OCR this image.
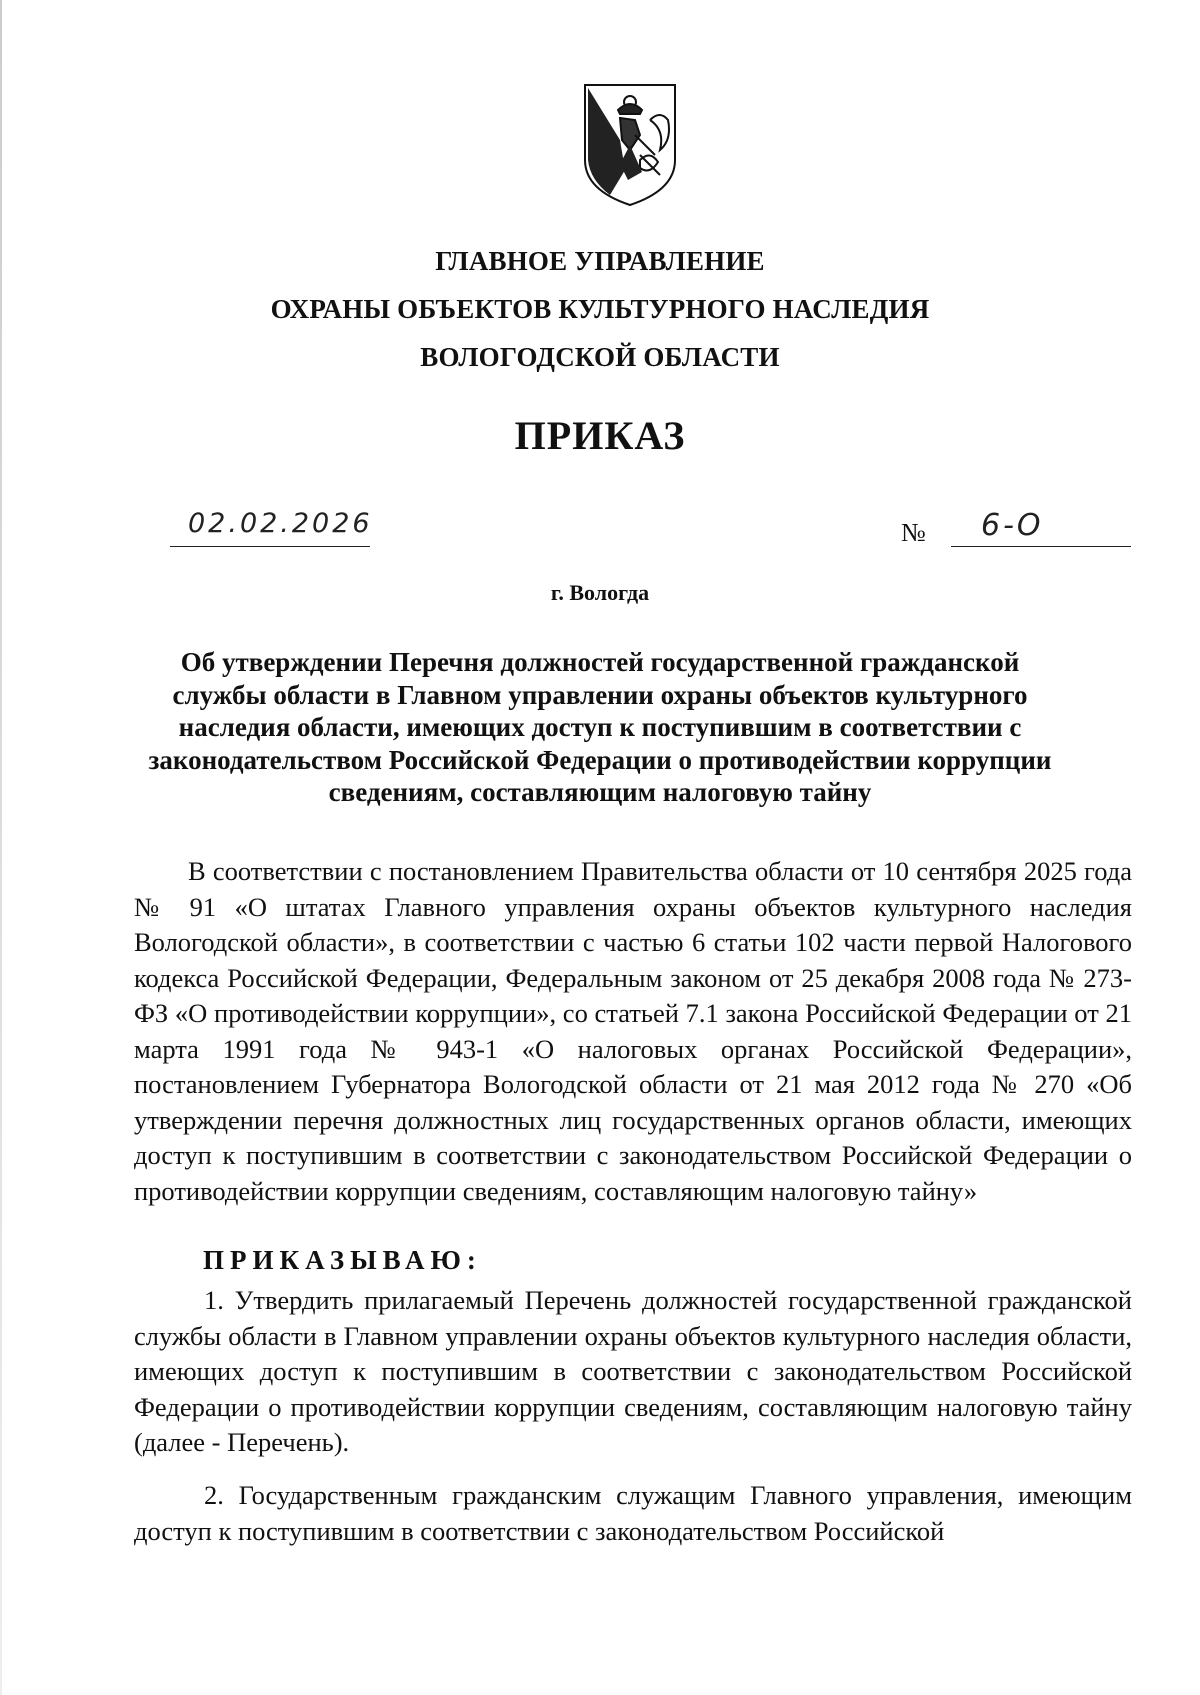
ГЛАВНОЕ УПРАВЛЕНИЕ
ОХРАНЫ ОБЪЕКТОВ КУЛЬТУРНОГО НАСЛЕДИЯ
ВОЛОГОДСКОЙ ОБЛАСТИ
ПРИКАЗ
02.02.2026	№ 6-О
г. Вологда
Об утверждении Перечня должностей государственной гражданской службы области в Главном управлении охраны объектов культурного наследия области, имеющих доступ к поступившим в соответствии с законодательством Российской Федерации о противодействии коррупции сведениям, составляющим налоговую тайну
В соответствии с постановлением Правительства области от 10 сентября 2025 года № 91 «О штатах Главного управления охраны объектов культурного наследия Вологодской области», в соответствии с частью 6 статьи 102 части первой Налогового кодекса Российской Федерации, Федеральным законом от 25 декабря 2008 года № 273-ФЗ «О противодействии коррупции», со статьей 7.1 закона Российской Федерации от 21 марта 1991 года № 943-1 «О налоговых органах Российской Федерации», постановлением Губернатора Вологодской области от 21 мая 2012 года № 270 «Об утверждении перечня должностных лиц государственных органов области, имеющих доступ к поступившим в соответствии с законодательством Российской Федерации о противодействии коррупции сведениям, составляющим налоговую тайну»
ПРИКАЗЫВАЮ:
1. Утвердить прилагаемый Перечень должностей государственной гражданской службы области в Главном управлении охраны объектов культурного наследия области, имеющих доступ к поступившим в соответствии с законодательством Российской Федерации о противодействии коррупции сведениям, составляющим налоговую тайну (далее - Перечень).
2. Государственным гражданским служащим Главного управления, имеющим доступ к поступившим в соответствии с законодательством Российской
